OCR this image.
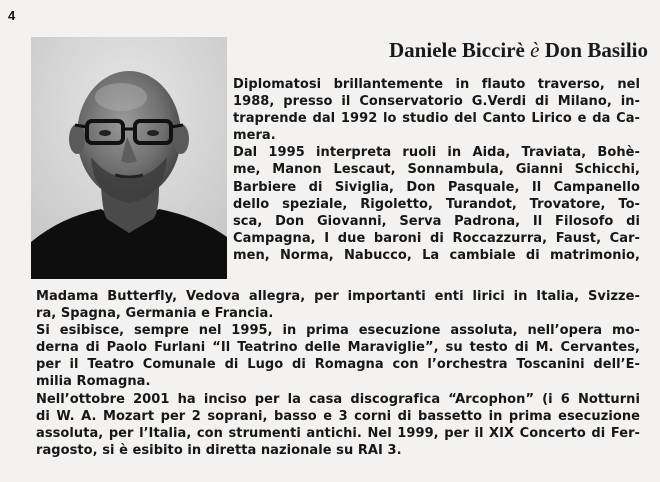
4
Daniele Biccirè è Don Basilio
Diplomatosi brillantemente in flauto traverso, nel
1988, presso il Conservatorio G.Verdi di Milano, in-
traprende dal 1992 lo studio del Canto Lirico e da Ca-
mera.
Dal 1995 interpreta ruoli in Aida, Traviata, Bohè-
me, Manon Lescaut, Sonnambula, Gianni Schicchi,
Barbiere di Siviglia, Don Pasquale, Il Campanello
dello speziale, Rigoletto, Turandot, Trovatore, To-
sca, Don Giovanni, Serva Padrona, Il Filosofo di
Campagna, I due baroni di Roccazzurra, Faust, Car-
men, Norma, Nabucco, La cambiale di matrimonio,
Madama Butterfly, Vedova allegra, per importanti enti lirici in Italia, Svizze-
ra, Spagna, Germania e Francia.
Si esibisce, sempre nel 1995, in prima esecuzione assoluta, nell’opera mo-
derna di Paolo Furlani “Il Teatrino delle Maraviglie”, su testo di M. Cervantes,
per il Teatro Comunale di Lugo di Romagna con l’orchestra Toscanini dell’E-
milia Romagna.
Nell’ottobre 2001 ha inciso per la casa discografica “Arcophon” (i 6 Notturni
di W. A. Mozart per 2 soprani, basso e 3 corni di bassetto in prima esecuzione
assoluta, per l’Italia, con strumenti antichi. Nel 1999, per il XIX Concerto di Fer-
ragosto, si è esibito in diretta nazionale su RAI 3.
